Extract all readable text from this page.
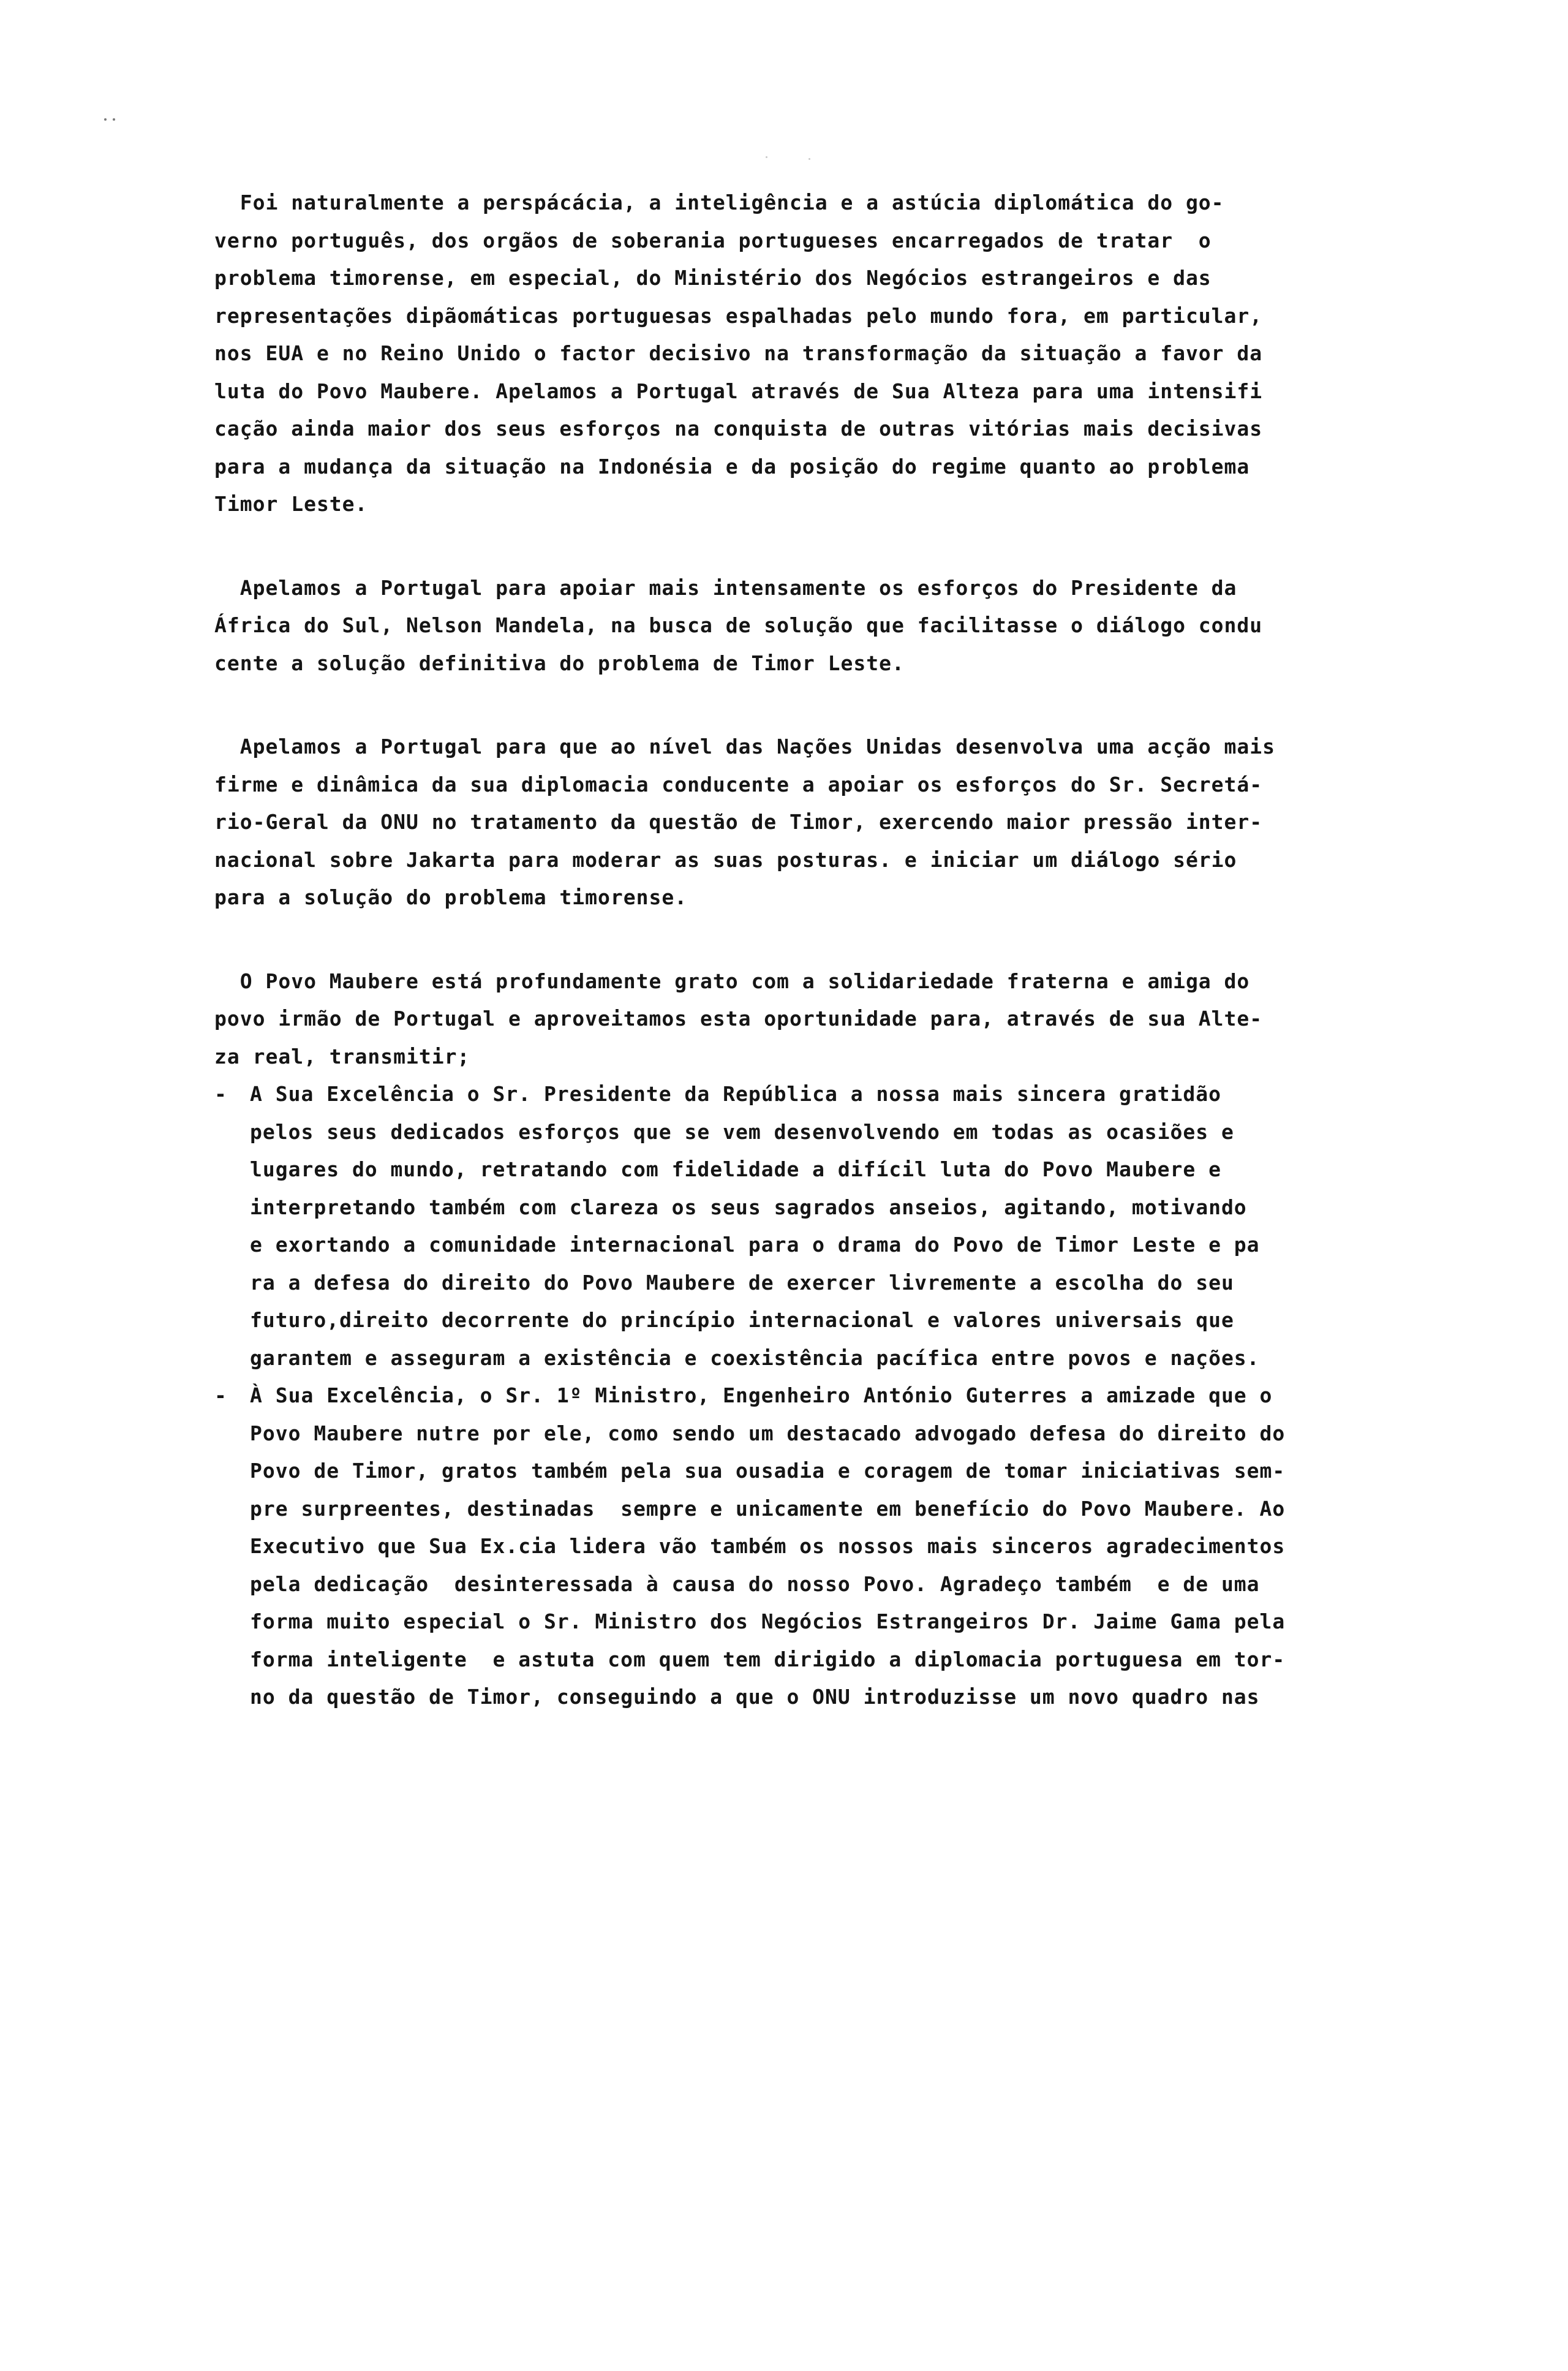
Foi naturalmente a perspácácia, a inteligência e a astúcia diplomática do go-
verno português, dos orgãos de soberania portugueses encarregados de tratar  o
problema timorense, em especial, do Ministério dos Negócios estrangeiros e das
representações dipãomáticas portuguesas espalhadas pelo mundo fora, em particular,
nos EUA e no Reino Unido o factor decisivo na transformação da situação a favor da
luta do Povo Maubere. Apelamos a Portugal através de Sua Alteza para uma intensifi
cação ainda maior dos seus esforços na conquista de outras vitórias mais decisivas
para a mudança da situação na Indonésia e da posição do regime quanto ao problema
Timor Leste.
Apelamos a Portugal para apoiar mais intensamente os esforços do Presidente da
África do Sul, Nelson Mandela, na busca de solução que facilitasse o diálogo condu
cente a solução definitiva do problema de Timor Leste.
Apelamos a Portugal para que ao nível das Nações Unidas desenvolva uma acção mais
firme e dinâmica da sua diplomacia conducente a apoiar os esforços do Sr. Secretá-
rio-Geral da ONU no tratamento da questão de Timor, exercendo maior pressão inter-
nacional sobre Jakarta para moderar as suas posturas. e iniciar um diálogo sério
para a solução do problema timorense.
O Povo Maubere está profundamente grato com a solidariedade fraterna e amiga do
povo irmão de Portugal e aproveitamos esta oportunidade para, através de sua Alte-
za real, transmitir;
- A Sua Excelência o Sr. Presidente da República a nossa mais sincera gratidão
pelos seus dedicados esforços que se vem desenvolvendo em todas as ocasiões e
lugares do mundo, retratando com fidelidade a difícil luta do Povo Maubere e
interpretando também com clareza os seus sagrados anseios, agitando, motivando
e exortando a comunidade internacional para o drama do Povo de Timor Leste e pa
ra a defesa do direito do Povo Maubere de exercer livremente a escolha do seu
futuro,direito decorrente do princípio internacional e valores universais que
garantem e asseguram a existência e coexistência pacífica entre povos e nações.
- À Sua Excelência, o Sr. 1º Ministro, Engenheiro António Guterres a amizade que o
Povo Maubere nutre por ele, como sendo um destacado advogado defesa do direito do
Povo de Timor, gratos também pela sua ousadia e coragem de tomar iniciativas sem-
pre surpreentes, destinadas  sempre e unicamente em benefício do Povo Maubere. Ao
Executivo que Sua Ex.cia lidera vão também os nossos mais sinceros agradecimentos
pela dedicação  desinteressada à causa do nosso Povo. Agradeço também  e de uma
forma muito especial o Sr. Ministro dos Negócios Estrangeiros Dr. Jaime Gama pela
forma inteligente  e astuta com quem tem dirigido a diplomacia portuguesa em tor-
no da questão de Timor, conseguindo a que o ONU introduzisse um novo quadro nas
